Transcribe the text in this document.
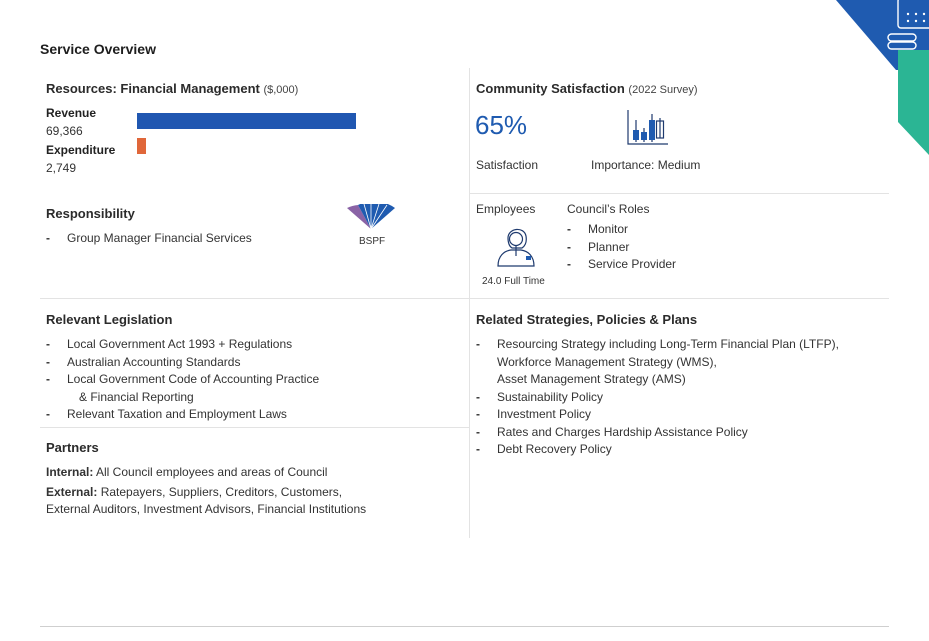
Service Overview
Resources: Financial Management ($,000)
Revenue
69,366
Expenditure
2,749
Community Satisfaction (2022 Survey)
65%
Satisfaction	Importance: Medium
Responsibility
- Group Manager Financial Services	BSPF
Employees
24.0 Full Time
Council’s Roles
- Monitor
- Planner
- Service Provider
Relevant Legislation
- Local Government Act 1993 + Regulations
- Australian Accounting Standards
- Local Government Code of Accounting Practice
& Financial Reporting
- Relevant Taxation and Employment Laws
Partners
Internal: All Council employees and areas of Council
External: Ratepayers, Suppliers, Creditors, Customers,
External Auditors, Investment Advisors, Financial Institutions
Related Strategies, Policies & Plans
- Resourcing Strategy including Long-Term Financial Plan (LTFP),
Workforce Management Strategy (WMS),
Asset Management Strategy (AMS)
- Sustainability Policy
- Investment Policy
- Rates and Charges Hardship Assistance Policy
- Debt Recovery Policy
